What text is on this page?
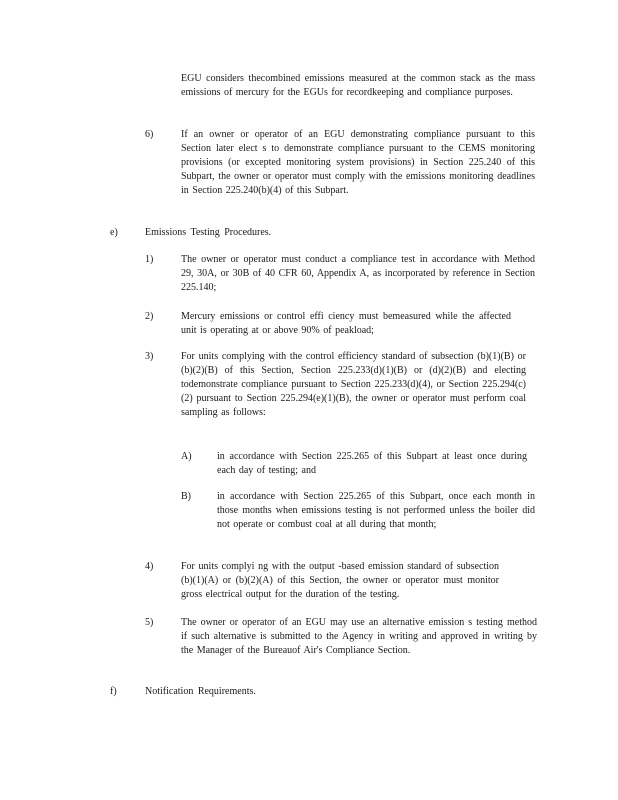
EGU considers thecombined emissions measured at the common stack as the mass emissions of mercury for the EGUs for recordkeeping and compliance purposes.
6)	If an owner or operator of an EGU demonstrating compliance pursuant to this Section later elect s to demonstrate compliance pursuant to the CEMS monitoring provisions (or excepted monitoring system provisions) in Section 225.240 of this Subpart, the owner or operator must comply with the emissions monitoring deadlines in Section 225.240(b)(4) of this Subpart.
e)	Emissions Testing Procedures.
1)	The owner or operator must conduct a compliance test in accordance with Method 29, 30A, or 30B of 40 CFR 60, Appendix A, as incorporated by reference in Section 225.140;
2)	Mercury emissions or control effi ciency must bemeasured while the affected unit is operating at or above 90% of peakload;
3)	For units complying with the control efficiency standard of subsection (b)(1)(B) or (b)(2)(B) of this Section, Section 225.233(d)(1)(B) or (d)(2)(B) and electing todemonstrate compliance pursuant to Section 225.233(d)(4), or Section 225.294(c)(2) pursuant to Section 225.294(e)(1)(B), the owner or operator must perform coal sampling as follows:
A)	in accordance with Section 225.265 of this Subpart at least once during each day of testing; and
B)	in accordance with Section 225.265 of this Subpart, once each month in those months when emissions testing is not performed unless the boiler did not operate or combust coal at all during that month;
4)	For units complyi ng with the output -based emission standard of subsection (b)(1)(A) or (b)(2)(A) of this Section, the owner or operator must monitor gross electrical output for the duration of the testing.
5)	The owner or operator of an EGU may use an alternative emission s testing method if such alternative is submitted to the Agency in writing and approved in writing by the Manager of the Bureauof Air's Compliance Section.
f)	Notification Requirements.
